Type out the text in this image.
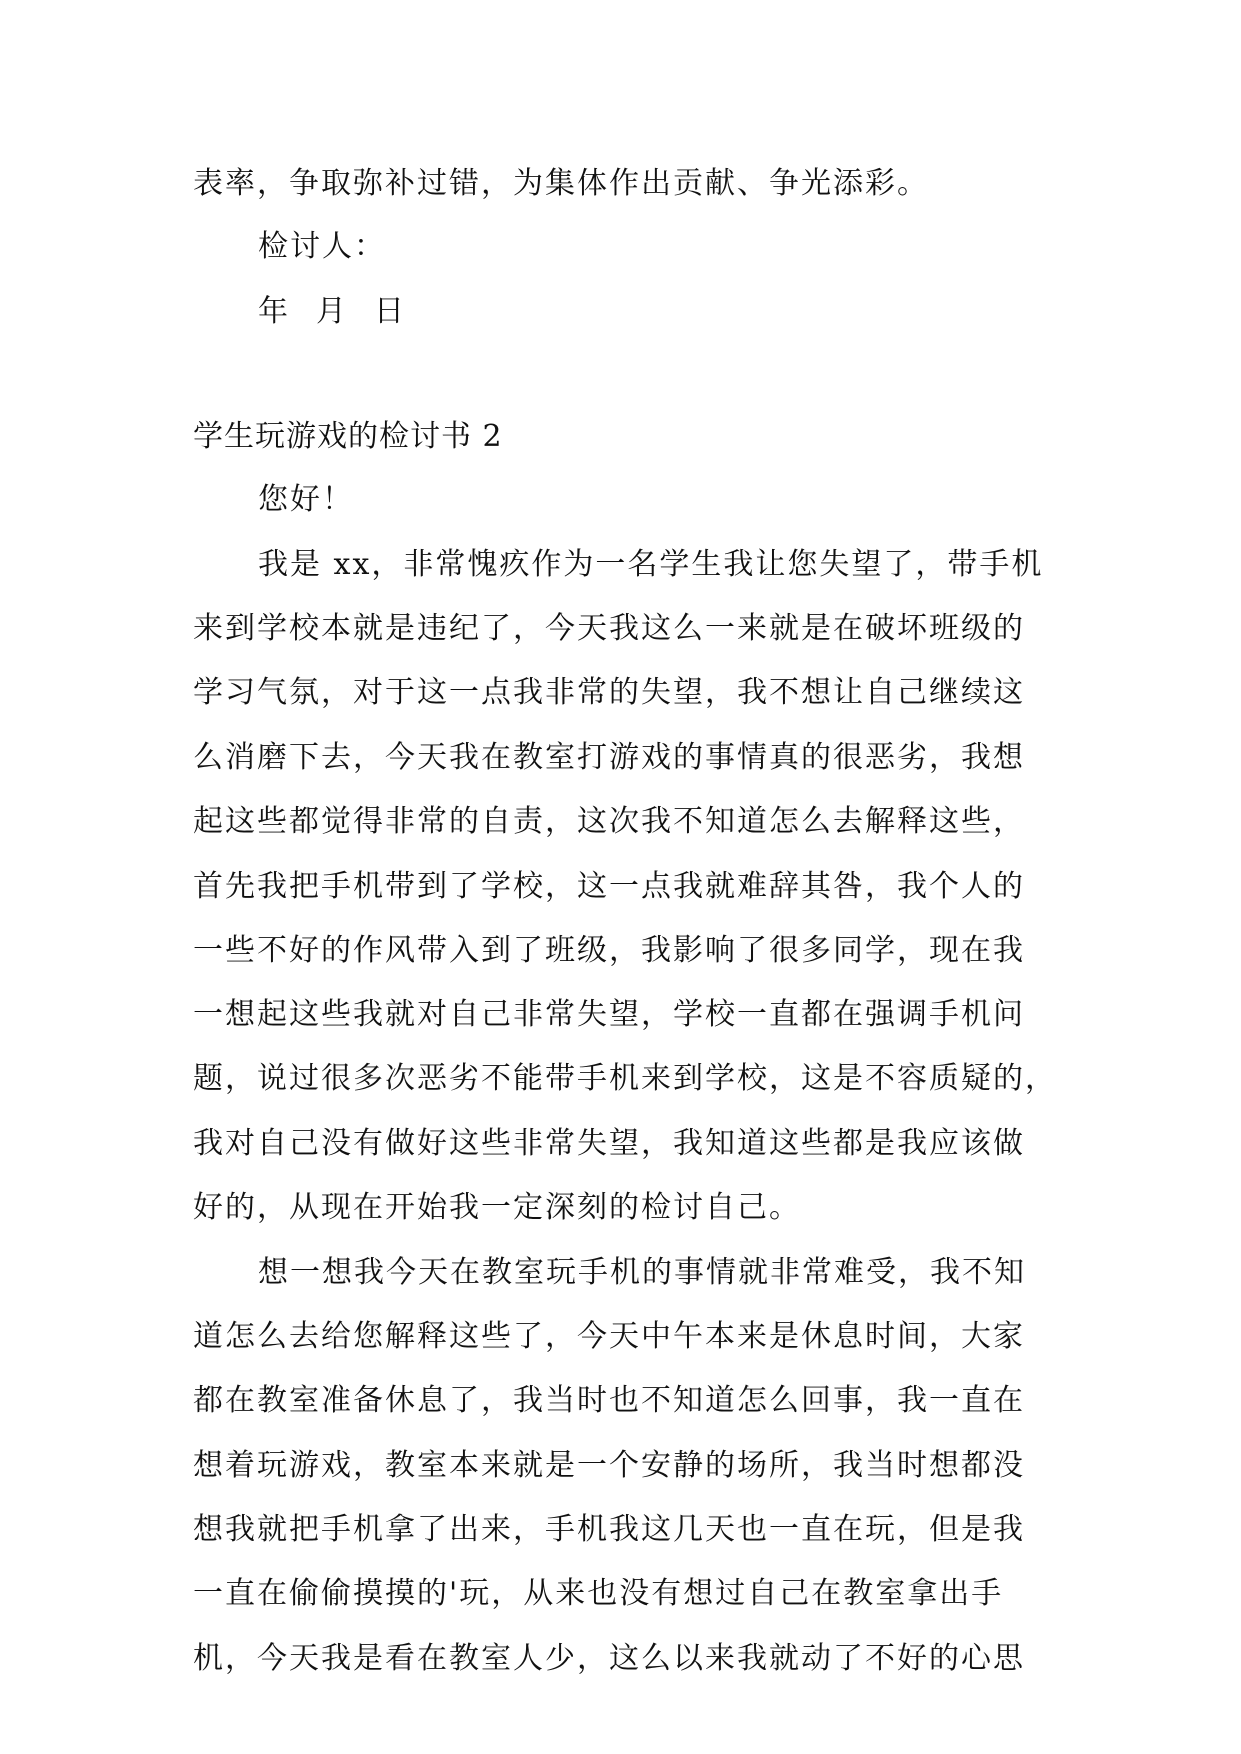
表率，争取弥补过错，为集体作出贡献、争光添彩。
检讨人：
年 月 日
学生玩游戏的检讨书 2
您好！
我是 xx，非常愧疚作为一名学生我让您失望了，带手机
来到学校本就是违纪了，今天我这么一来就是在破坏班级的
学习气氛，对于这一点我非常的失望，我不想让自己继续这
么消磨下去，今天我在教室打游戏的事情真的很恶劣，我想
起这些都觉得非常的自责，这次我不知道怎么去解释这些，
首先我把手机带到了学校，这一点我就难辞其咎，我个人的
一些不好的作风带入到了班级，我影响了很多同学，现在我
一想起这些我就对自己非常失望，学校一直都在强调手机问
题，说过很多次恶劣不能带手机来到学校，这是不容质疑的，
我对自己没有做好这些非常失望，我知道这些都是我应该做
好的，从现在开始我一定深刻的检讨自己。
想一想我今天在教室玩手机的事情就非常难受，我不知
道怎么去给您解释这些了，今天中午本来是休息时间，大家
都在教室准备休息了，我当时也不知道怎么回事，我一直在
想着玩游戏，教室本来就是一个安静的场所，我当时想都没
想我就把手机拿了出来，手机我这几天也一直在玩，但是我
一直在偷偷摸摸的'玩，从来也没有想过自己在教室拿出手
机，今天我是看在教室人少，这么以来我就动了不好的心思
